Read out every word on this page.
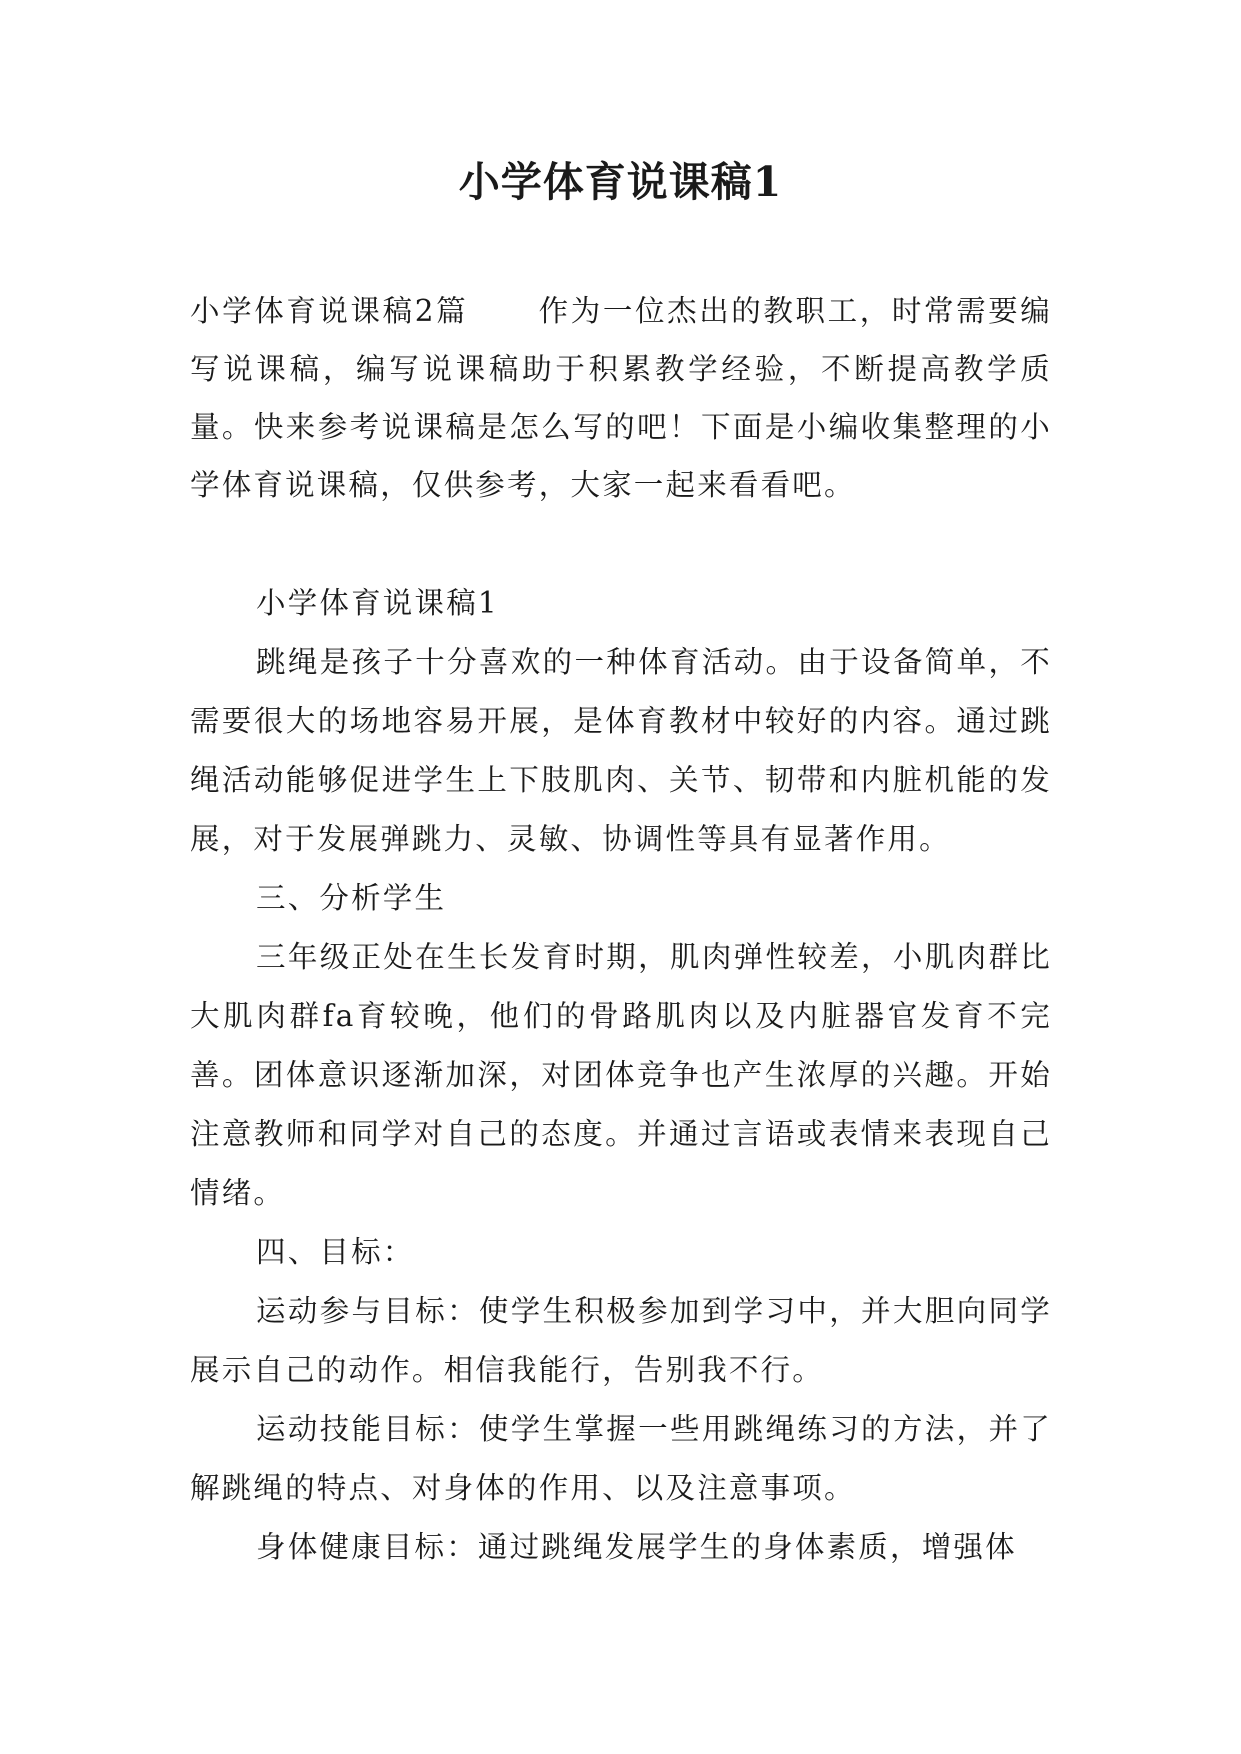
小学体育说课稿1

小学体育说课稿2篇 作为一位杰出的教职工，时常需要编写说课稿，编写说课稿助于积累教学经验，不断提高教学质量。快来参考说课稿是怎么写的吧！下面是小编收集整理的小学体育说课稿，仅供参考，大家一起来看看吧。

小学体育说课稿1

跳绳是孩子十分喜欢的一种体育活动。由于设备简单，不需要很大的场地容易开展，是体育教材中较好的内容。通过跳绳活动能够促进学生上下肢肌肉、关节、韧带和内脏机能的发展，对于发展弹跳力、灵敏、协调性等具有显著作用。

三、分析学生

三年级正处在生长发育时期，肌肉弹性较差，小肌肉群比大肌肉群fa育较晚，他们的骨路肌肉以及内脏器官发育不完善。团体意识逐渐加深，对团体竞争也产生浓厚的兴趣。开始注意教师和同学对自己的态度。并通过言语或表情来表现自己情绪。

四、目标：

运动参与目标：使学生积极参加到学习中，并大胆向同学展示自己的动作。相信我能行，告别我不行。

运动技能目标：使学生掌握一些用跳绳练习的方法，并了解跳绳的特点、对身体的作用、以及注意事项。

身体健康目标：通过跳绳发展学生的身体素质，增强体
